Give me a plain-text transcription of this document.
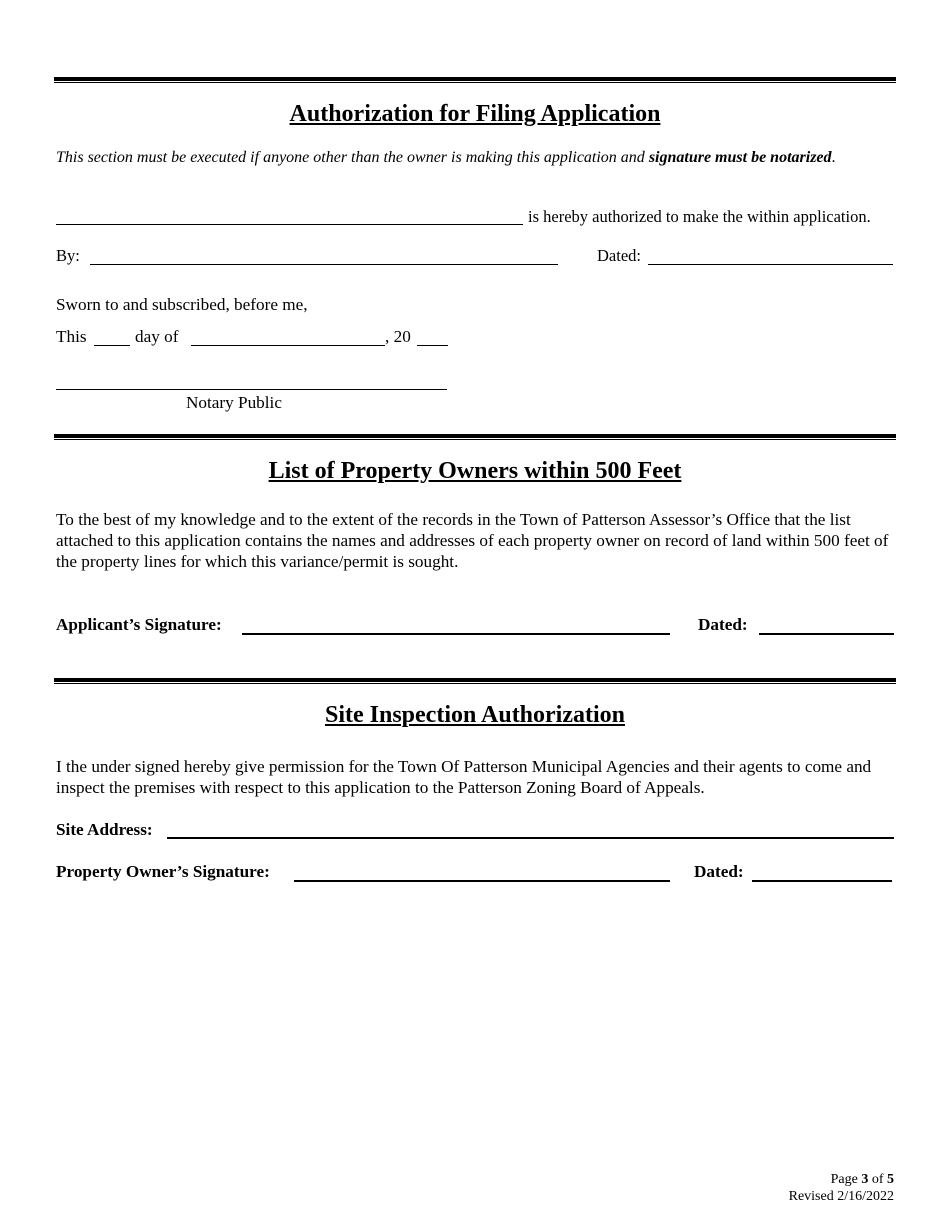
Authorization for Filing Application
This section must be executed if anyone other than the owner is making this application and signature must be notarized.
is hereby authorized to make the within application.
By:	Dated:
Sworn to and subscribed, before me,
This	day of	, 20
Notary Public
List of Property Owners within 500 Feet
To the best of my knowledge and to the extent of the records in the Town of Patterson Assessor’s Office that the list attached to this application contains the names and addresses of each property owner on record of land within 500 feet of the property lines for which this variance/permit is sought.
Applicant’s Signature:	Dated:
Site Inspection Authorization
I the under signed hereby give permission for the Town Of Patterson Municipal Agencies and their agents to come and inspect the premises with respect to this application to the Patterson Zoning Board of Appeals.
Site Address:
Property Owner’s Signature:	Dated:
Page 3 of 5
Revised 2/16/2022
